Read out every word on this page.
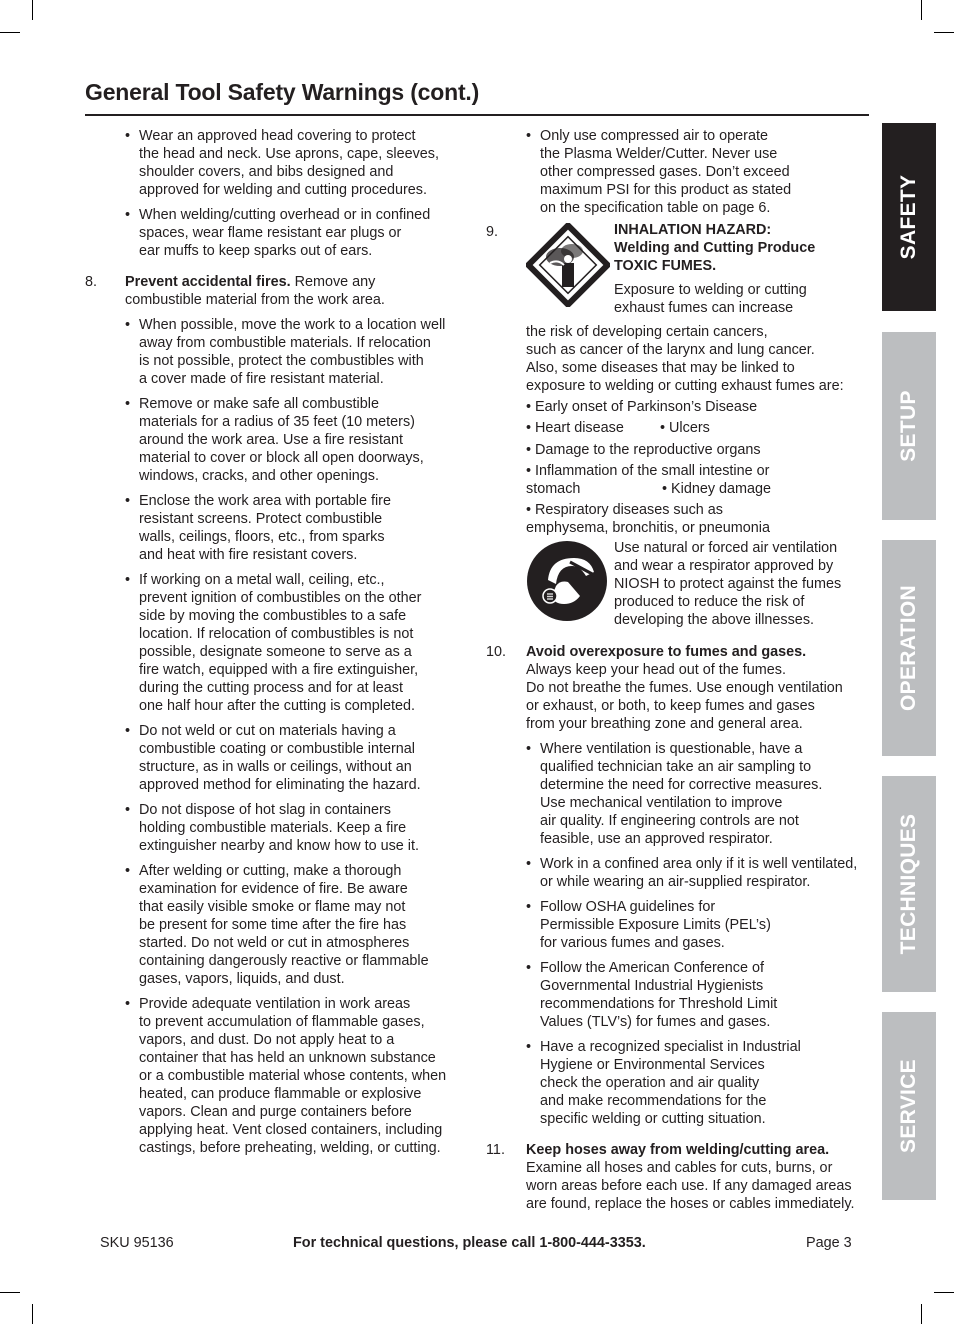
General Tool Safety Warnings (cont.)
• Wear an approved head covering to protect
the head and neck. Use aprons, cape, sleeves,
shoulder covers, and bibs designed and
approved for welding and cutting procedures.
When welding/cutting overhead or in confined
spaces, wear flame resistant ear plugs or
ear muffs to keep sparks out of ears.
•
8. Prevent accidental fires. Remove any
combustible material from the work area.

• When possible, move the work to a location well
away from combustible materials. If relocation
is not possible, protect the combustibles with
a cover made of fire resistant material.
• Remove or make safe all combustible
materials for a radius of 35 feet (10 meters)
around the work area. Use a fire resistant
material to cover or block all open doorways,
windows, cracks, and other openings.
• Enclose the work area with portable fire
resistant screens. Protect combustible
walls, ceilings, floors, etc., from sparks
and heat with fire resistant covers.
• If working on a metal wall, ceiling, etc.,
prevent ignition of combustibles on the other
side by moving the combustibles to a safe
location. If relocation of combustibles is not
possible, designate someone to serve as a
fire watch, equipped with a fire extinguisher,
during the cutting process and for at least
one half hour after the cutting is completed.
• Do not weld or cut on materials having a
combustible coating or combustible internal
structure, as in walls or ceilings, without an
approved method for eliminating the hazard.
• Do not dispose of hot slag in containers
holding combustible materials. Keep a fire
extinguisher nearby and know how to use it.
• After welding or cutting, make a thorough
examination for evidence of fire. Be aware
that easily visible smoke or flame may not
be present for some time after the fire has
started. Do not weld or cut in atmospheres
containing dangerously reactive or flammable
gases, vapors, liquids, and dust.
• Provide adequate ventilation in work areas
to prevent accumulation of flammable gases,
vapors, and dust. Do not apply heat to a
container that has held an unknown substance
or a combustible material whose contents, when
heated, can produce flammable or explosive
vapors. Clean and purge containers before
applying heat. Vent closed containers, including
castings, before preheating, welding, or cutting.
• Only use compressed air to operate
the Plasma Welder/Cutter. Never use
other compressed gases. Don’t exceed
maximum PSI for this product as stated
on the specification table on page 6.
9.	INHALATION HAZARD:
Welding and Cutting Produce
TOXIC FUMES.

Exposure to welding or cutting
exhaust fumes can increase

the risk of developing certain cancers,
such as cancer of the larynx and lung cancer.
Also, some diseases that may be linked to
exposure to welding or cutting exhaust fumes are:

• Early onset of Parkinson’s Disease

• Heart disease	• Ulcers

• Damage to the reproductive organs

• Inflammation of the small intestine or
stomach	• Kidney damage

• Respiratory diseases such as
emphysema, bronchitis, or pneumonia

Use natural or forced air ventilation
and wear a respirator approved by
NIOSH to protect against the fumes
produced to reduce the risk of
developing the above illnesses.

10. Avoid overexposure to fumes and gases.

Always keep your head out of the fumes.
Do not breathe the fumes. Use enough ventilation
or exhaust, or both, to keep fumes and gases
from your breathing zone and general area.

• Where ventilation is questionable, have a
qualified technician take an air sampling to
determine the need for corrective measures.
Use mechanical ventilation to improve
air quality. If engineering controls are not
feasible, use an approved respirator.
• Work in a confined area only if it is well ventilated,
or while wearing an air-supplied respirator.
• Follow OSHA guidelines for
Permissible Exposure Limits (PEL’s)
for various fumes and gases.
• Follow the American Conference of
Governmental Industrial Hygienists
recommendations for Threshold Limit
Values (TLV’s) for fumes and gases.
• Have a recognized specialist in Industrial
Hygiene or Environmental Services
check the operation and air quality
and make recommendations for the
specific welding or cutting situation.
11. Keep hoses away from welding/cutting area.

Examine all hoses and cables for cuts, burns, or
worn areas before each use. If any damaged areas
are found, replace the hoses or cables immediately.

SAFETY
SETUP
OPERATION
TECHNIQUES
SERVICE
SKU 95136	For technical questions, please call 1-800-444-3353.	Page 3
